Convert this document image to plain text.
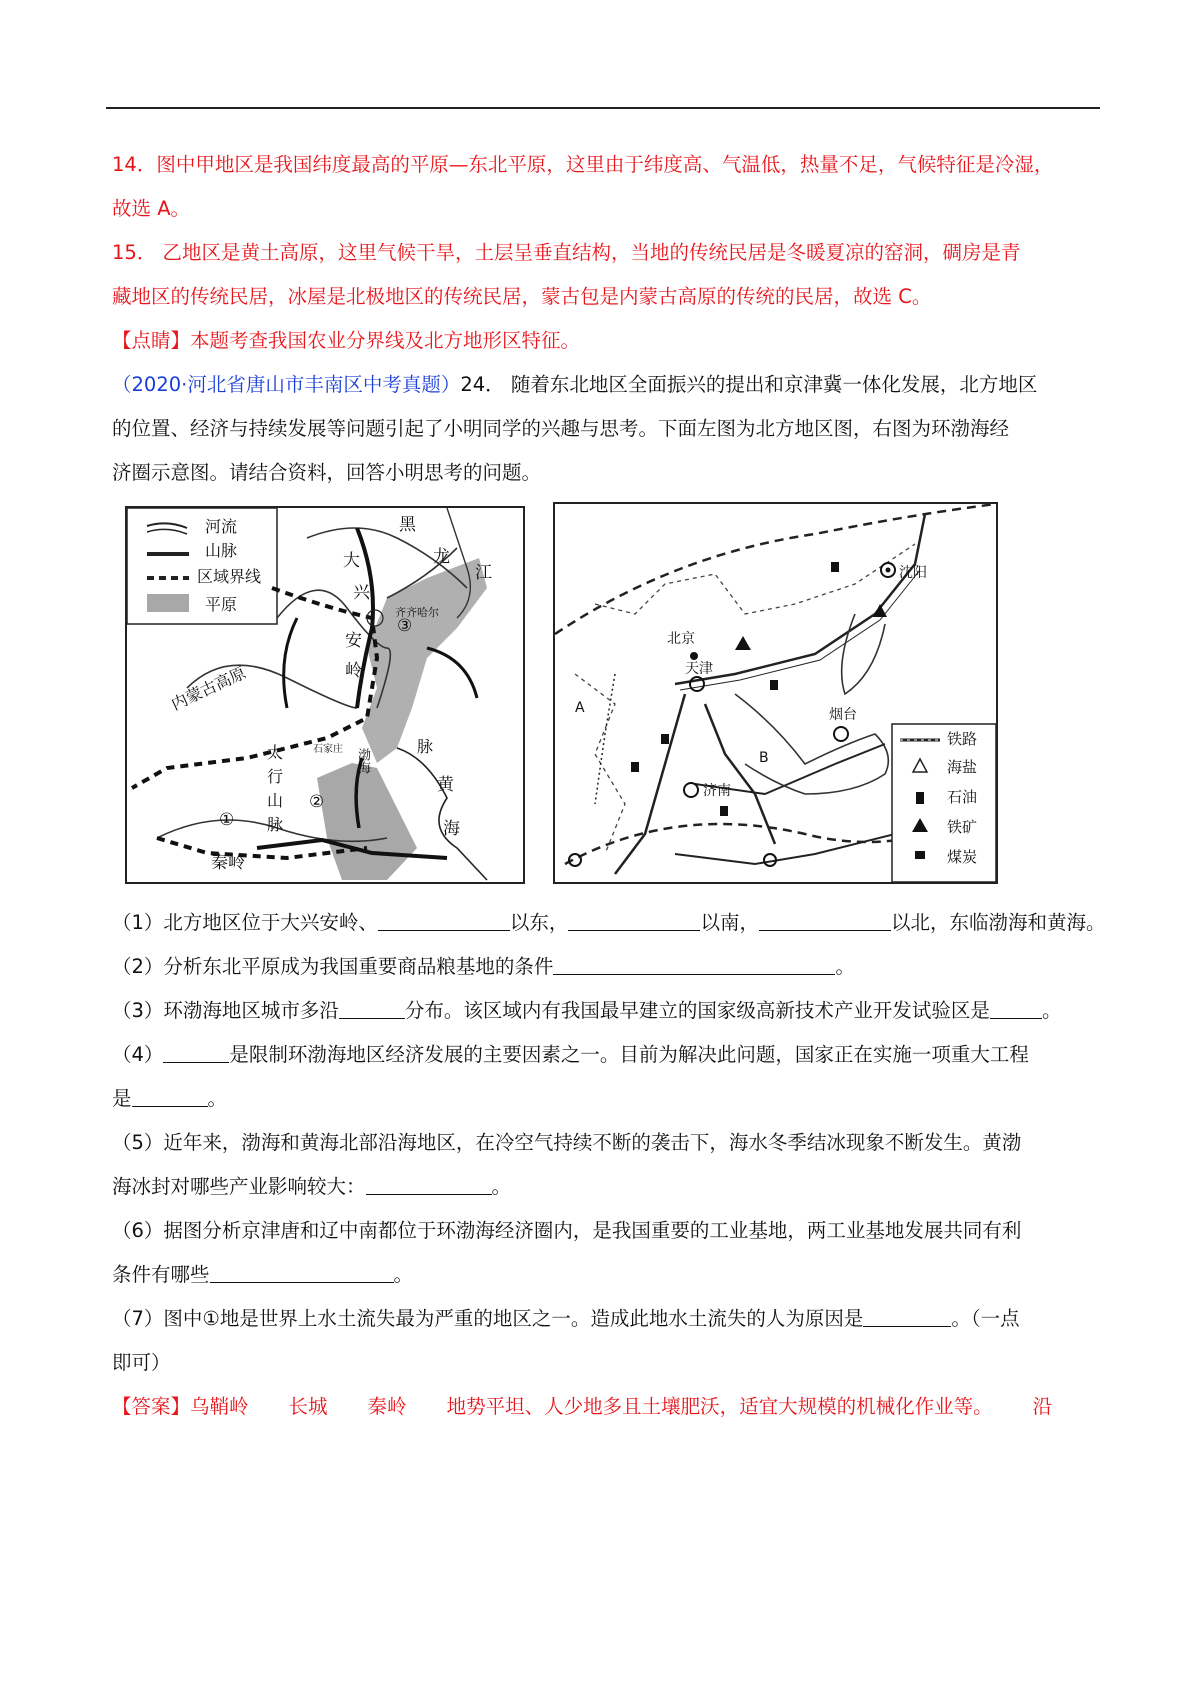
14．图中甲地区是我国纬度最高的平原—东北平原，这里由于纬度高、气温低，热量不足，气候特征是冷湿，
故选 A。
15． 乙地区是黄土高原，这里气候干旱，土层呈垂直结构，当地的传统民居是冬暖夏凉的窑洞，碉房是青
藏地区的传统民居，冰屋是北极地区的传统民居，蒙古包是内蒙古高原的传统的民居，故选 C。
【点睛】本题考查我国农业分界线及北方地形区特征。
（2020·河北省唐山市丰南区中考真题）24． 随着东北地区全面振兴的提出和京津冀一体化发展，北方地区
的位置、经济与持续发展等问题引起了小明同学的兴趣与思考。下面左图为北方地区图，右图为环渤海经
济圈示意图。请结合资料，回答小明思考的问题。
河流
山脉
区域界线
平原
黑
龙
江
大
兴
安
岭
齐齐哈尔
③
②
①
内蒙古高原
太
行
山
脉
石家庄 渤海
黄
海
脉
秦岭
铁路
海盐
石油
铁矿
煤炭
北京
天津
沈阳
烟台
济南
A
B
（1）北方地区位于大兴安岭、	以东，	以南，	以北，东临渤海和黄海。
（2）分析东北平原成为我国重要商品粮基地的条件	。
（3）环渤海地区城市多沿	分布。该区域内有我国最早建立的国家级高新技术产业开发试验区是	。
（4）	是限制环渤海地区经济发展的主要因素之一。目前为解决此问题，国家正在实施一项重大工程
是	。
（5）近年来，渤海和黄海北部沿海地区，在冷空气持续不断的袭击下，海水冬季结冰现象不断发生。黄渤
海冰封对哪些产业影响较大：	。
（6）据图分析京津唐和辽中南都位于环渤海经济圈内，是我国重要的工业基地，两工业基地发展共同有利
条件有哪些	。
（7）图中①地是世界上水土流失最为严重的地区之一。造成此地水土流失的人为原因是	。（一点
即可）
【答案】乌鞘岭 长城 秦岭 地势平坦、人少地多且土壤肥沃，适宜大规模的机械化作业等。 沿
